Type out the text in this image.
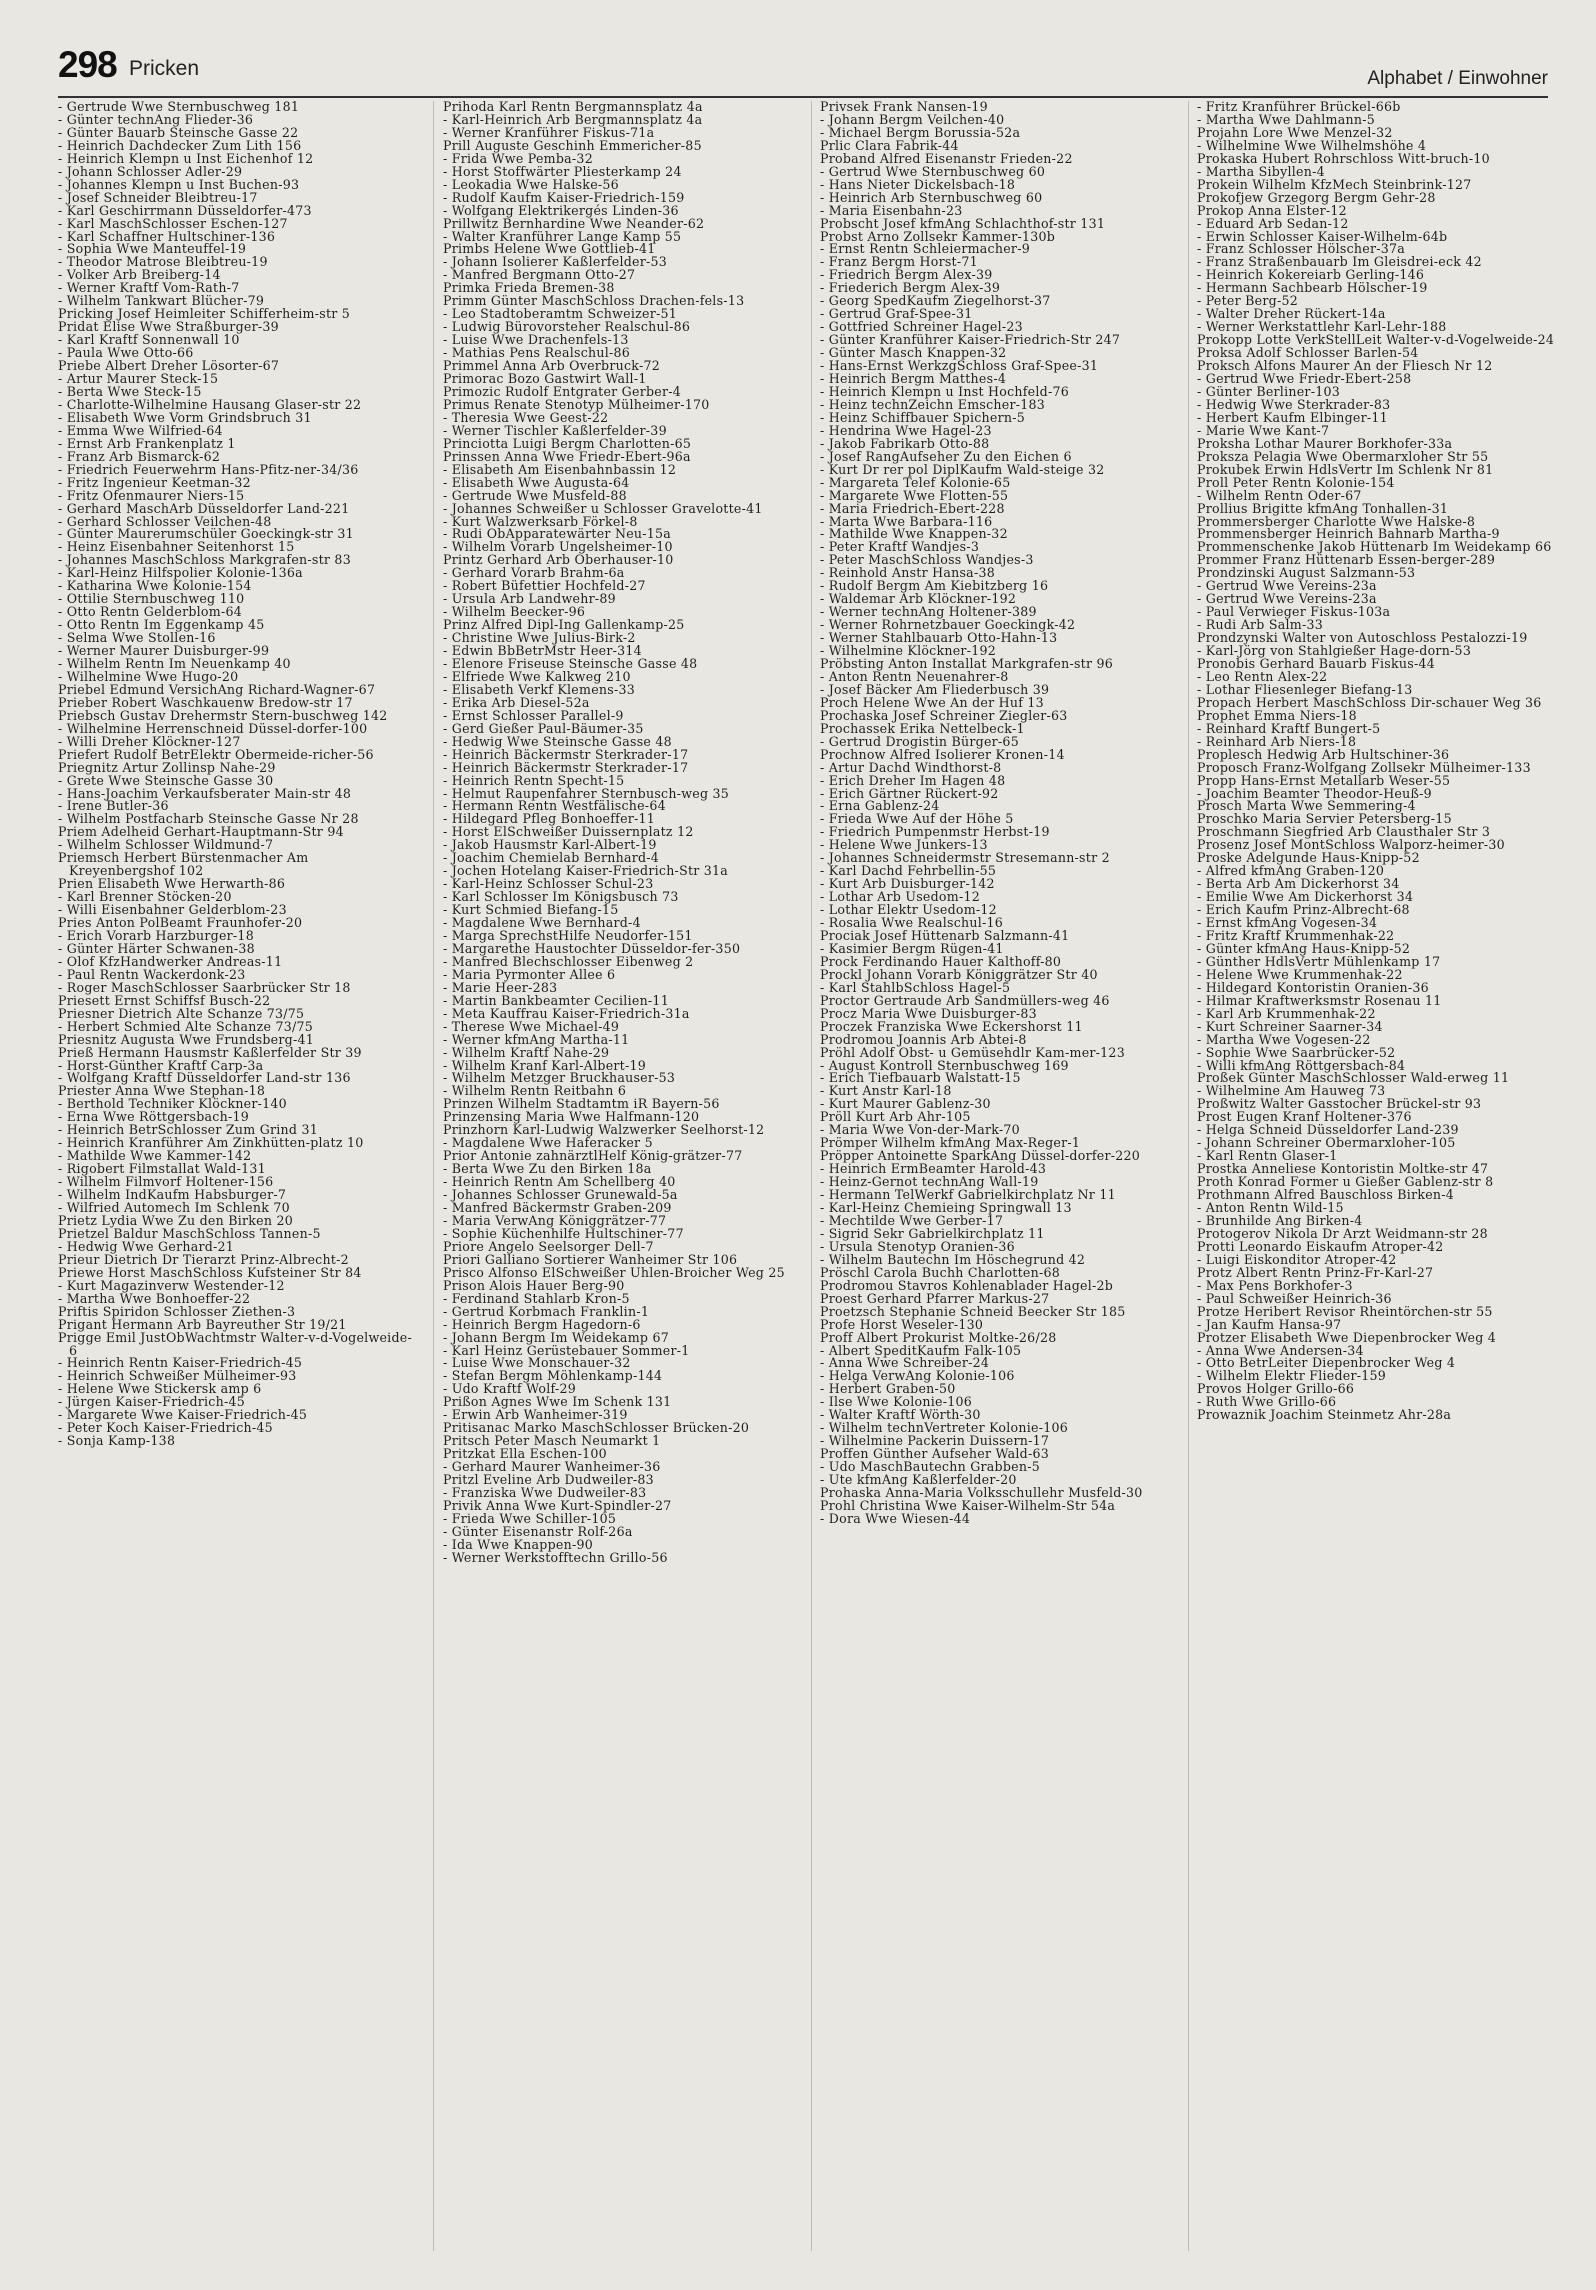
298 Pricken	Alphabet / Einwohner
- Gertrude Wwe Sternbuschweg 181
- Günter technAng Flieder-36
- Günter Bauarb Steinsche Gasse 22
- Heinrich Dachdecker Zum Lith 156
- Heinrich Klempn u Inst Eichenhof 12
- Johann Schlosser Adler-29
- Johannes Klempn u Inst Buchen-93
- Josef Schneider Bleibtreu-17
- Karl Geschirrmann Düsseldorfer-473
- Karl MaschSchlosser Eschen-127
- Karl Schaffner Hultschiner-136
- Sophia Wwe Manteuffel-19
- Theodor Matrose Bleibtreu-19
- Volker Arb Breiberg-14
- Werner Kraftf Vom-Rath-7
- Wilhelm Tankwart Blücher-79
Pricking Josef Heimleiter Schifferheim-str 5
Pridat Elise Wwe Straßburger-39
- Karl Kraftf Sonnenwall 10
- Paula Wwe Otto-66
Priebe Albert Dreher Lösorter-67
- Artur Maurer Steck-15
- Berta Wwe Steck-15
- Charlotte-Wilhelmine Hausang Glaser-str 22
- Elisabeth Wwe Vorm Grindsbruch 31
- Emma Wwe Wilfried-64
- Ernst Arb Frankenplatz 1
- Franz Arb Bismarck-62
- Friedrich Feuerwehrm Hans-Pfitz-ner-34/36
- Fritz Ingenieur Keetman-32
- Fritz Ofenmaurer Niers-15
- Gerhard MaschArb Düsseldorfer Land-221
- Gerhard Schlosser Veilchen-48
- Günter Maurerumschüler Goeckingk-str 31
- Heinz Eisenbahner Seitenhorst 15
- Johannes MaschSchloss Markgrafen-str 83
- Karl-Heinz Hilfspolier Kolonie-136a
- Katharina Wwe Kolonie-154
- Ottilie Sternbuschweg 110
- Otto Rentn Gelderblom-64
- Otto Rentn Im Eggenkamp 45
- Selma Wwe Stollen-16
- Werner Maurer Duisburger-99
- Wilhelm Rentn Im Neuenkamp 40
- Wilhelmine Wwe Hugo-20
Priebel Edmund VersichAng Richard-Wagner-67
Prieber Robert Waschkauenw Bredow-str 17
Priebsch Gustav Drehermstr Stern-buschweg 142
- Wilhelmine Herrenschneid Düssel-dorfer-100
- Willi Dreher Klöckner-127
Priefert Rudolf BetrElektr Obermeide-richer-56
Priegnitz Artur Zollinsp Nahe-29
- Grete Wwe Steinsche Gasse 30
- Hans-Joachim Verkaufsberater Main-str 48
- Irene Butler-36
- Wilhelm Postfacharb Steinsche Gasse Nr 28
Priem Adelheid Gerhart-Hauptmann-Str 94
- Wilhelm Schlosser Wildmund-7
Priemsch Herbert Bürstenmacher Am Kreyenbergshof 102
Prien Elisabeth Wwe Herwarth-86
- Karl Brenner Stöcken-20
- Willi Eisenbahner Gelderblom-23
Pries Anton PolBeamt Fraunhofer-20
- Erich Vorarb Harzburger-18
- Günter Härter Schwanen-38
- Olof KfzHandwerker Andreas-11
- Paul Rentn Wackerdonk-23
- Roger MaschSchlosser Saarbrücker Str 18
Priesett Ernst Schiffsf Busch-22
Priesner Dietrich Alte Schanze 73/75
- Herbert Schmied Alte Schanze 73/75
Priesnitz Augusta Wwe Frundsberg-41
Prieß Hermann Hausmstr Kaßlerfelder Str 39
- Horst-Günther Kraftf Carp-3a
- Wolfgang Kraftf Düsseldorfer Land-str 136
Priester Anna Wwe Stephan-18
- Berthold Techniker Klöckner-140
- Erna Wwe Röttgersbach-19
- Heinrich BetrSchlosser Zum Grind 31
- Heinrich Kranführer Am Zinkhütten-platz 10
- Mathilde Wwe Kammer-142
- Rigobert Filmstallat Wald-131
- Wilhelm Filmvorf Holtener-156
- Wilhelm IndKaufm Habsburger-7
- Wilfried Automech Im Schlenk 70
Prietz Lydia Wwe Zu den Birken 20
Prietzel Baldur MaschSchloss Tannen-5
- Hedwig Wwe Gerhard-21
Prieur Dietrich Dr Tierarzt Prinz-Albrecht-2
Priewe Horst MaschSchloss Kufsteiner Str 84
- Kurt Magazinverw Westender-12
- Martha Wwe Bonhoeffer-22
Priftis Spiridon Schlosser Ziethen-3
Prigant Hermann Arb Bayreuther Str 19/21
Prigge Emil JustObWachtmstr Walter-v-d-Vogelweide-6
- Heinrich Rentn Kaiser-Friedrich-45
- Heinrich Schweißer Mülheimer-93
- Helene Wwe Stickersk amp 6
- Jürgen Kaiser-Friedrich-45
- Margarete Wwe Kaiser-Friedrich-45
- Peter Koch Kaiser-Friedrich-45
- Sonja Kamp-138
Prihoda Karl Rentn Bergmannsplatz 4a
- Karl-Heinrich Arb Bergmannsplatz 4a
- Werner Kranführer Fiskus-71a
Prill Auguste Geschinh Emmericher-85
- Frida Wwe Pemba-32
- Horst Stoffwärter Pliesterkamp 24
- Leokadia Wwe Halske-56
- Rudolf Kaufm Kaiser-Friedrich-159
- Wolfgang Elektrikergés Linden-36
Prillwitz Bernhardine Wwe Neander-62
- Walter Kranführer Lange Kamp 55
Primbs Helene Wwe Gottlieb-41
- Johann Isolierer Kaßlerfelder-53
- Manfred Bergmann Otto-27
Primka Frieda Bremen-38
Primm Günter MaschSchloss Drachen-fels-13
- Leo Stadtoberamtm Schweizer-51
- Ludwig Bürovorsteher Realschul-86
- Luise Wwe Drachenfels-13
- Mathias Pens Realschul-86
Primmel Anna Arb Overbruck-72
Primorac Bozo Gastwirt Wall-1
Primozic Rudolf Entgrater Gerber-4
Primus Renate Stenotyp Mülheimer-170
- Theresia Wwe Geest-22
- Werner Tischler Kaßlerfelder-39
Princiotta Luigi Bergm Charlotten-65
Prinssen Anna Wwe Friedr-Ebert-96a
- Elisabeth Am Eisenbahnbassin 12
- Elisabeth Wwe Augusta-64
- Gertrude Wwe Musfeld-88
- Johannes Schweißer u Schlosser Gravelotte-41
- Kurt Walzwerksarb Förkel-8
- Rudi ObApparatewärter Neu-15a
- Wilhelm Vorarb Ungelsheimer-10
Printz Gerhard Arb Oberhauser-10
- Gerhard Vorarb Brahm-6a
- Robert Büfettier Hochfeld-27
- Ursula Arb Landwehr-89
- Wilhelm Beecker-96
Prinz Alfred Dipl-Ing Gallenkamp-25
- Christine Wwe Julius-Birk-2
- Edwin BbBetrMstr Heer-314
- Elenore Friseuse Steinsche Gasse 48
- Elfriede Wwe Kalkweg 210
- Elisabeth Verkf Klemens-33
- Erika Arb Diesel-52a
- Ernst Schlosser Parallel-9
- Gerd Gießer Paul-Bäumer-35
- Hedwig Wwe Steinsche Gasse 48
- Heinrich Bäckermstr Sterkrader-17
- Heinrich Bäckermstr Sterkrader-17
- Heinrich Rentn Specht-15
- Helmut Raupenfahrer Sternbusch-weg 35
- Hermann Rentn Westfälische-64
- Hildegard Pfleg Bonhoeffer-11
- Horst ElSchweißer Duissernplatz 12
- Jakob Hausmstr Karl-Albert-19
- Joachim Chemielab Bernhard-4
- Jochen Hotelang Kaiser-Friedrich-Str 31a
- Karl-Heinz Schlosser Schul-23
- Karl Schlosser Im Königsbusch 73
- Kurt Schmied Biefang-15
- Magdalene Wwe Bernhard-4
- Marga SprechstHilfe Neudorfer-151
- Margarethe Haustochter Düsseldor-fer-350
- Manfred Blechschlosser Eibenweg 2
- Maria Pyrmonter Allee 6
- Marie Heer-283
- Martin Bankbeamter Cecilien-11
- Meta Kauffrau Kaiser-Friedrich-31a
- Therese Wwe Michael-49
- Werner kfmAng Martha-11
- Wilhelm Kraftf Nahe-29
- Wilhelm Kranf Karl-Albert-19
- Wilhelm Metzger Bruckhauser-53
- Wilhelm Rentn Reitbahn 6
Prinzen Wilhelm Stadtamtm iR Bayern-56
Prinzensing Maria Wwe Halfmann-120
Prinzhorn Karl-Ludwig Walzwerker Seelhorst-12
- Magdalene Wwe Haferacker 5
Prior Antonie zahnärztlHelf König-grätzer-77
- Berta Wwe Zu den Birken 18a
- Heinrich Rentn Am Schellberg 40
- Johannes Schlosser Grunewald-5a
- Manfred Bäckermstr Graben-209
- Maria VerwAng Königgrätzer-77
- Sophie Küchenhilfe Hultschiner-77
Priore Angelo Seelsorger Dell-7
Priori Galliano Sortierer Wanheimer Str 106
Prisco Alfonso ElSchweißer Uhlen-Broicher Weg 25
Prison Alois Hauer Berg-90
- Ferdinand Stahlarb Kron-5
- Gertrud Korbmach Franklin-1
- Heinrich Bergm Hagedorn-6
- Johann Bergm Im Weidekamp 67
- Karl Heinz Gerüstebauer Sommer-1
- Luise Wwe Monschauer-32
- Stefan Bergm Möhlenkamp-144
- Udo Kraftf Wolf-29
Prißon Agnes Wwe Im Schenk 131
- Erwin Arb Wanheimer-319
Pritisanac Marko MaschSchlosser Brücken-20
Pritsch Peter Masch Neumarkt 1
Pritzkat Ella Eschen-100
- Gerhard Maurer Wanheimer-36
Pritzl Eveline Arb Dudweiler-83
- Franziska Wwe Dudweiler-83
Privik Anna Wwe Kurt-Spindler-27
- Frieda Wwe Schiller-105
- Günter Eisenanstr Rolf-26a
- Ida Wwe Knappen-90
- Werner Werkstofftechn Grillo-56
Privsek Frank Nansen-19
- Johann Bergm Veilchen-40
- Michael Bergm Borussia-52a
Prlic Clara Fabrik-44
Proband Alfred Eisenanstr Frieden-22
- Gertrud Wwe Sternbuschweg 60
- Hans Nieter Dickelsbach-18
- Heinrich Arb Sternbuschweg 60
- Maria Eisenbahn-23
Probscht Josef kfmAng Schlachthof-str 131
Probst Arno Zollsekr Kammer-130b
- Ernst Rentn Schleiermacher-9
- Franz Bergm Horst-71
- Friedrich Bergm Alex-39
- Friederich Bergm Alex-39
- Georg SpedKaufm Ziegelhorst-37
- Gertrud Graf-Spee-31
- Gottfried Schreiner Hagel-23
- Günter Kranführer Kaiser-Friedrich-Str 247
- Günter Masch Knappen-32
- Hans-Ernst WerkzgSchloss Graf-Spee-31
- Heinrich Bergm Matthes-4
- Heinrich Klempn u Inst Hochfeld-76
- Heinz technZeichn Emscher-183
- Heinz Schiffbauer Spichern-5
- Hendrina Wwe Hagel-23
- Jakob Fabrikarb Otto-88
- Josef RangAufseher Zu den Eichen 6
- Kurt Dr rer pol DiplKaufm Wald-steige 32
- Margareta Telef Kolonie-65
- Margarete Wwe Flotten-55
- Maria Friedrich-Ebert-228
- Marta Wwe Barbara-116
- Mathilde Wwe Knappen-32
- Peter Kraftf Wandjes-3
- Peter MaschSchloss Wandjes-3
- Reinhold Anstr Hansa-38
- Rudolf Bergm Am Kiebitzberg 16
- Waldemar Arb Klöckner-192
- Werner technAng Holtener-389
- Werner Rohrnetzbauer Goeckingk-42
- Werner Stahlbauarb Otto-Hahn-13
- Wilhelmine Klöckner-192
Pröbsting Anton Installat Markgrafen-str 96
- Anton Rentn Neuenahrer-8
- Josef Bäcker Am Fliederbusch 39
Proch Helene Wwe An der Huf 13
Prochaska Josef Schreiner Ziegler-63
Prochassek Erika Nettelbeck-1
- Gertrud Drogistin Bürger-65
Prochnow Alfred Isolierer Kronen-14
- Artur Dachd Windthorst-8
- Erich Dreher Im Hagen 48
- Erich Gärtner Rückert-92
- Erna Gablenz-24
- Frieda Wwe Auf der Höhe 5
- Friedrich Pumpenmstr Herbst-19
- Helene Wwe Junkers-13
- Johannes Schneidermstr Stresemann-str 2
- Karl Dachd Fehrbellin-55
- Kurt Arb Duisburger-142
- Lothar Arb Usedom-12
- Lothar Elektr Usedom-12
- Rosalia Wwe Realschul-16
Prociak Josef Hüttenarb Salzmann-41
- Kasimier Bergm Rügen-41
Prock Ferdinando Hauer Kalthoff-80
Prockl Johann Vorarb Königgrätzer Str 40
- Karl StahlbSchloss Hagel-5
Proctor Gertraude Arb Sandmüllers-weg 46
Procz Maria Wwe Duisburger-83
Proczek Franziska Wwe Eckershorst 11
Prodromou Joannis Arb Abtei-8
Pröhl Adolf Obst- u Gemüsehdlr Kam-mer-123
- August Kontroll Sternbuschweg 169
- Erich Tiefbauarb Walstatt-15
- Kurt Anstr Karl-18
- Kurt Maurer Gablenz-30
Pröll Kurt Arb Ahr-105
- Maria Wwe Von-der-Mark-70
Prömper Wilhelm kfmAng Max-Reger-1
Pröpper Antoinette SparkAng Düssel-dorfer-220
- Heinrich ErmBeamter Harold-43
- Heinz-Gernot technAng Wall-19
- Hermann TelWerkf Gabrielkirchplatz Nr 11
- Karl-Heinz Chemieing Springwall 13
- Mechtilde Wwe Gerber-17
- Sigrid Sekr Gabrielkirchplatz 11
- Ursula Stenotyp Oranien-36
- Wilhelm Bautechn Im Höschegrund 42
Pröschl Carola Buchh Charlotten-68
Prodromou Stavros Kohlenablader Hagel-2b
Proest Gerhard Pfarrer Markus-27
Proetzsch Stephanie Schneid Beecker Str 185
Profe Horst Weseler-130
Proff Albert Prokurist Moltke-26/28
- Albert SpeditKaufm Falk-105
- Anna Wwe Schreiber-24
- Helga VerwAng Kolonie-106
- Herbert Graben-50
- Ilse Wwe Kolonie-106
- Walter Kraftf Wörth-30
- Wilhelm technVertreter Kolonie-106
- Wilhelmine Packerin Duissern-17
Proffen Günther Aufseher Wald-63
- Udo MaschBautechn Grabben-5
- Ute kfmAng Kaßlerfelder-20
Prohaska Anna-Maria Volksschullehr Musfeld-30
Prohl Christina Wwe Kaiser-Wilhelm-Str 54a
- Dora Wwe Wiesen-44
- Fritz Kranführer Brückel-66b
- Martha Wwe Dahlmann-5
Projahn Lore Wwe Menzel-32
- Wilhelmine Wwe Wilhelmshöhe 4
Prokaska Hubert Rohrschloss Witt-bruch-10
- Martha Sibyllen-4
Prokein Wilhelm KfzMech Steinbrink-127
Prokofjew Grzegorg Bergm Gehr-28
Prokop Anna Elster-12
- Eduard Arb Sedan-12
- Erwin Schlosser Kaiser-Wilhelm-64b
- Franz Schlosser Hölscher-37a
- Franz Straßenbauarb Im Gleisdrei-eck 42
- Heinrich Kokereiarb Gerling-146
- Hermann Sachbearb Hölscher-19
- Peter Berg-52
- Walter Dreher Rückert-14a
- Werner Werkstattlehr Karl-Lehr-188
Prokopp Lotte VerkStellLeit Walter-v-d-Vogelweide-24
Proksa Adolf Schlosser Barlen-54
Proksch Alfons Maurer An der Fliesch Nr 12
- Gertrud Wwe Friedr-Ebert-258
- Günter Berliner-103
- Hedwig Wwe Sterkrader-83
- Herbert Kaufm Elbinger-11
- Marie Wwe Kant-7
Proksha Lothar Maurer Borkhofer-33a
Prokszа Pelagia Wwe Obermarxloher Str 55
Prokubek Erwin HdlsVertr Im Schlenk Nr 81
Proll Peter Rentn Kolonie-154
- Wilhelm Rentn Oder-67
Prollius Brigitte kfmAng Tonhallen-31
Prommersberger Charlotte Wwe Halske-8
Prommensberger Heinrich Bahnarb Martha-9
Prommenschenke Jakob Hüttenarb Im Weidekamp 66
Prommer Franz Hüttenarb Essen-berger-289
Prondzinski August Salzmann-53
- Gertrud Wwe Vereins-23a
- Gertrud Wwe Vereins-23a
- Paul Verwieger Fiskus-103a
- Rudi Arb Salm-33
Prondzynski Walter von Autoschloss Pestalozzi-19
- Karl-Jörg von Stahlgießer Hage-dorn-53
Pronobis Gerhard Bauarb Fiskus-44
- Leo Rentn Alex-22
- Lothar Fliesenleger Biefang-13
Propach Herbert MaschSchloss Dir-schauer Weg 36
Prophet Emma Niers-18
- Reinhard Kraftf Bungert-5
- Reinhard Arb Niers-18
Proplesch Hedwig Arb Hultschiner-36
Proposch Franz-Wolfgang Zollsekr Mülheimer-133
Propp Hans-Ernst Metallarb Weser-55
- Joachim Beamter Theodor-Heuß-9
Prosch Marta Wwe Semmering-4
Proschko Maria Servier Petersberg-15
Proschmann Siegfried Arb Clausthaler Str 3
Prosenz Josef MontSchloss Walporz-heimer-30
Proske Adelgunde Haus-Knipp-52
- Alfred kfmAng Graben-120
- Berta Arb Am Dickerhorst 34
- Emilie Wwe Am Dickerhorst 34
- Erich Kaufm Prinz-Albrecht-68
- Ernst kfmAng Vogesen-34
- Fritz Kraftf Krummenhak-22
- Günter kfmAng Haus-Knipp-52
- Günther HdlsVertr Mühlenkamp 17
- Helene Wwe Krummenhak-22
- Hildegard Kontoristin Oranien-36
- Hilmar Kraftwerksmstr Rosenau 11
- Karl Arb Krummenhak-22
- Kurt Schreiner Saarner-34
- Martha Wwe Vogesen-22
- Sophie Wwe Saarbrücker-52
- Willi kfmAng Röttgersbach-84
Proßek Günter MaschSchlosser Wald-erweg 11
- Wilhelmine Am Hauweg 73
Proßwitz Walter Gasstocher Brückel-str 93
Prost Eugen Kranf Holtener-376
- Helga Schneid Düsseldorfer Land-239
- Johann Schreiner Obermarxloher-105
- Karl Rentn Glaser-1
Prostka Anneliese Kontoristin Moltke-str 47
Proth Konrad Former u Gießer Gablenz-str 8
Prothmann Alfred Bauschloss Birken-4
- Anton Rentn Wild-15
- Brunhilde Ang Birken-4
Protogerov Nikola Dr Arzt Weidmann-str 28
Protti Leonardo Eiskaufm Atroper-42
- Luigi Eiskonditor Atroper-42
Protz Albert Rentn Prinz-Fr-Karl-27
- Max Pens Borkhofer-3
- Paul Schweißer Heinrich-36
Protze Heribert Revisor Rheintörchen-str 55
- Jan Kaufm Hansa-97
Protzer Elisabeth Wwe Diepenbrocker Weg 4
- Anna Wwe Andersen-34
- Otto BetrLeiter Diepenbrocker Weg 4
- Wilhelm Elektr Flieder-159
Provos Holger Grillo-66
- Ruth Wwe Grillo-66
Prowaznik Joachim Steinmetz Ahr-28a
